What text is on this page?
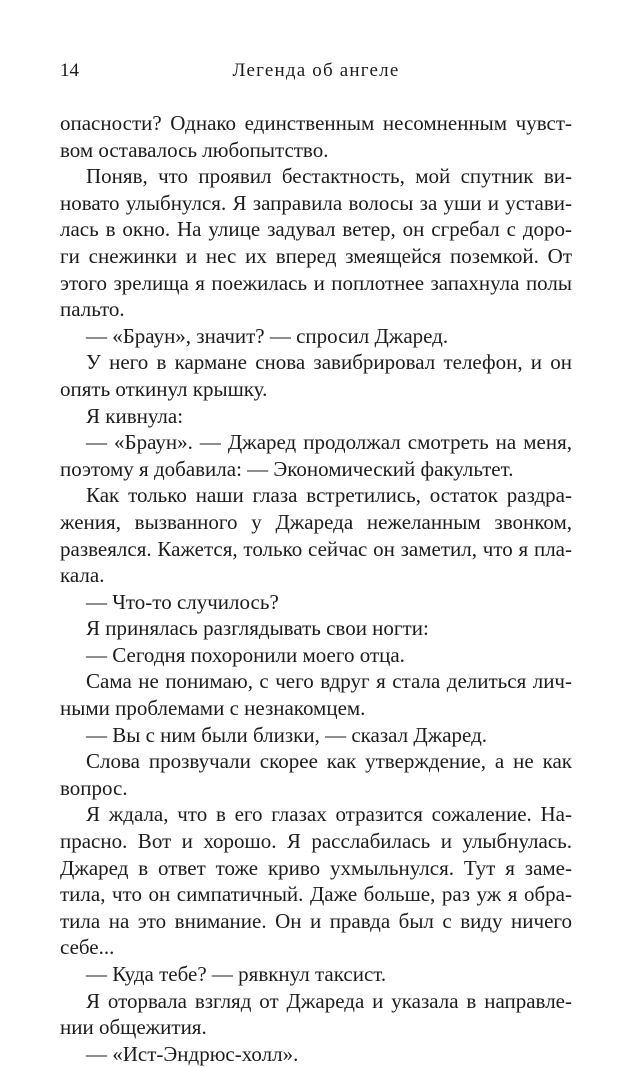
14	Легенда об ангеле
опасности? Однако единственным несомненным чувст-
вом оставалось любопытство.
Поняв, что проявил бестактность, мой спутник ви-
новато улыбнулся. Я заправила волосы за уши и устави-
лась в окно. На улице задувал ветер, он сгребал с доро-
ги снежинки и нес их вперед змеящейся поземкой. От
этого зрелища я поежилась и поплотнее запахнула полы
пальто.
— «Браун», значит? — спросил Джаред.
У него в кармане снова завибрировал телефон, и он
опять откинул крышку.
Я кивнула:
— «Браун». — Джаред продолжал смотреть на меня,
поэтому я добавила: — Экономический факультет.
Как только наши глаза встретились, остаток раздра-
жения, вызванного у Джареда нежеланным звонком,
развеялся. Кажется, только сейчас он заметил, что я пла-
кала.
— Что-то случилось?
Я принялась разглядывать свои ногти:
— Сегодня похоронили моего отца.
Сама не понимаю, с чего вдруг я стала делиться лич-
ными проблемами с незнакомцем.
— Вы с ним были близки, — сказал Джаред.
Слова прозвучали скорее как утверждение, а не как
вопрос.
Я ждала, что в его глазах отразится сожаление. На-
прасно. Вот и хорошо. Я расслабилась и улыбнулась.
Джаред в ответ тоже криво ухмыльнулся. Тут я заме-
тила, что он симпатичный. Даже больше, раз уж я обра-
тила на это внимание. Он и правда был с виду ничего
себе...
— Куда тебе? — рявкнул таксист.
Я оторвала взгляд от Джареда и указала в направле-
нии общежития.
— «Ист-Эндрюс-холл».
